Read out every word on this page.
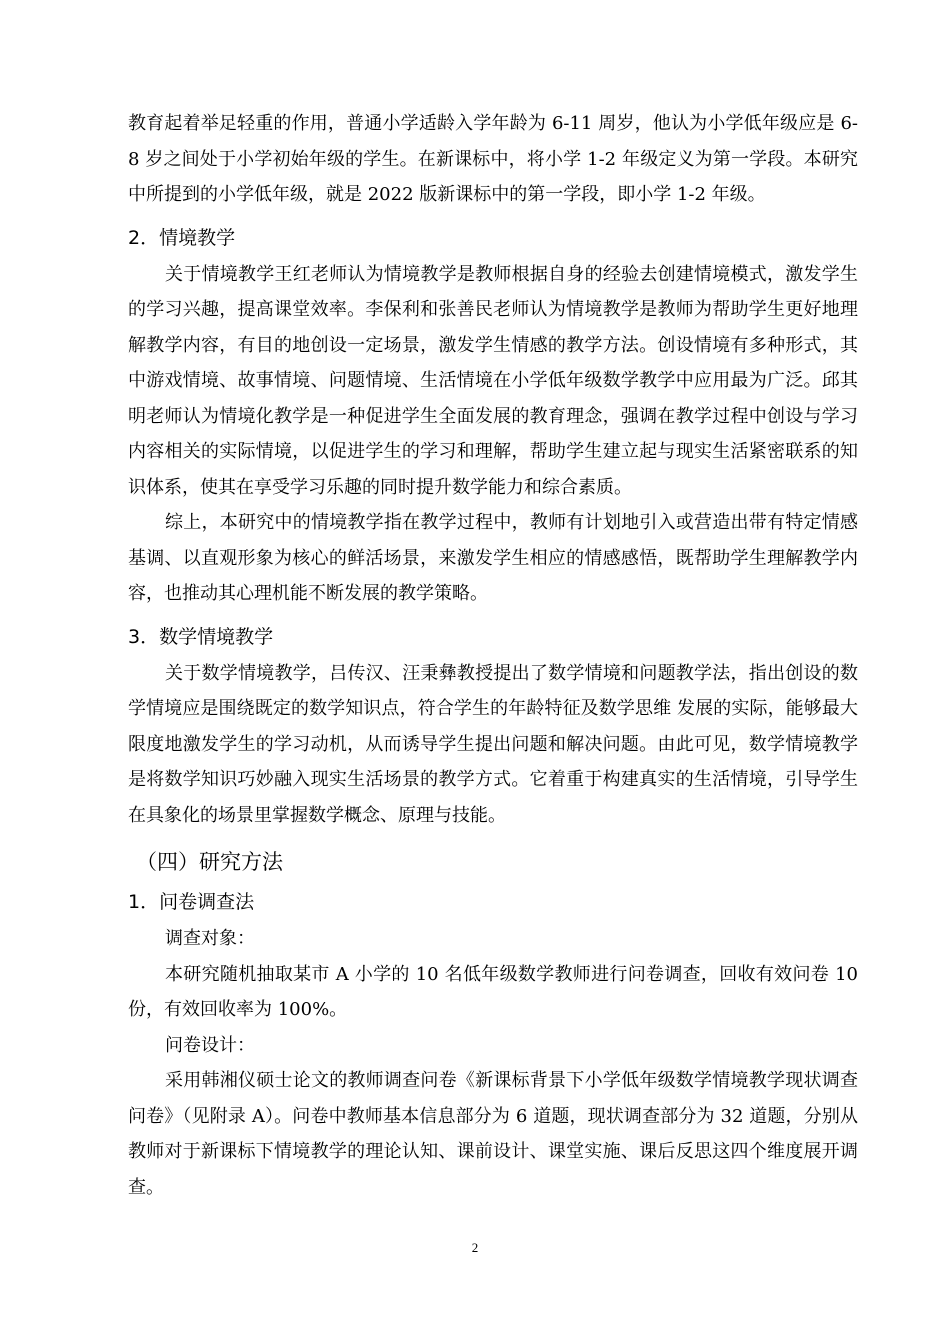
教育起着举足轻重的作用，普通小学适龄入学年龄为 6-11 周岁，他认为小学低年级应是 6-8 岁之间处于小学初始年级的学生。在新课标中，将小学 1-2 年级定义为第一学段。本研究中所提到的小学低年级，就是 2022 版新课标中的第一学段，即小学 1-2 年级。

2．情境教学

关于情境教学王红老师认为情境教学是教师根据自身的经验去创建情境模式，激发学生的学习兴趣，提高课堂效率。李保利和张善民老师认为情境教学是教师为帮助学生更好地理解教学内容，有目的地创设一定场景，激发学生情感的教学方法。创设情境有多种形式，其中游戏情境、故事情境、问题情境、生活情境在小学低年级数学教学中应用最为广泛。邱其明老师认为情境化教学是一种促进学生全面发展的教育理念，强调在教学过程中创设与学习内容相关的实际情境，以促进学生的学习和理解，帮助学生建立起与现实生活紧密联系的知识体系，使其在享受学习乐趣的同时提升数学能力和综合素质。

综上，本研究中的情境教学指在教学过程中，教师有计划地引入或营造出带有特定情感基调、以直观形象为核心的鲜活场景，来激发学生相应的情感感悟，既帮助学生理解教学内容，也推动其心理机能不断发展的教学策略。

3．数学情境教学

关于数学情境教学，吕传汉、汪秉彝教授提出了数学情境和问题教学法，指出创设的数学情境应是围绕既定的数学知识点，符合学生的年龄特征及数学思维 发展的实际，能够最大限度地激发学生的学习动机，从而诱导学生提出问题和解决问题。由此可见，数学情境教学是将数学知识巧妙融入现实生活场景的教学方式。它着重于构建真实的生活情境，引导学生在具象化的场景里掌握数学概念、原理与技能。

（四）研究方法
1．问卷调查法

调查对象：

本研究随机抽取某市 A 小学的 10 名低年级数学教师进行问卷调查，回收有效问卷 10 份，有效回收率为 100%。

问卷设计：

采用韩湘仪硕士论文的教师调查问卷《新课标背景下小学低年级数学情境教学现状调查问卷》（见附录 A）。问卷中教师基本信息部分为 6 道题，现状调查部分为 32 道题，分别从教师对于新课标下情境教学的理论认知、课前设计、课堂实施、课后反思这四个维度展开调查。

2
